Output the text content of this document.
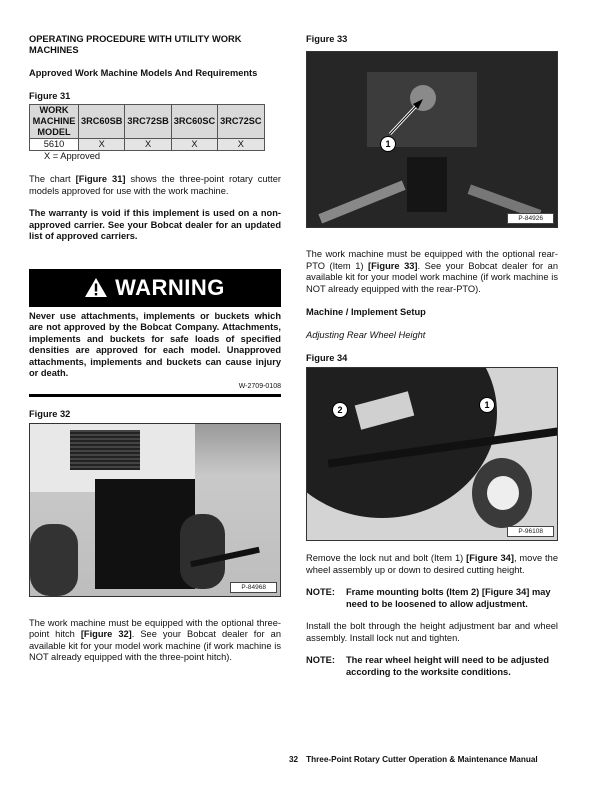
OPERATING PROCEDURE WITH UTILITY WORK MACHINES
Approved Work Machine Models And Requirements
Figure 31
WORK MACHINE MODEL	3RC60SB	3RC72SB	3RC60SC	3RC72SC
5610	X	X	X	X
X = Approved

The chart [Figure 31] shows the three-point rotary cutter models approved for use with the work machine.

The warranty is void if this implement is used on a non-approved carrier. See your Bobcat dealer for an updated list of approved carriers.

WARNING

Never use attachments, implements or buckets which are not approved by the Bobcat Company. Attachments, implements and buckets for safe loads of specified densities are approved for each model. Unapproved attachments, implements and buckets can cause injury or death.

W-2709-0108
Figure 32
P-84968

The work machine must be equipped with the optional three-point hitch [Figure 32]. See your Bobcat dealer for an available kit for your model work machine (if work machine is NOT already equipped with the three-point hitch).

Figure 33
1
P-84926

The work machine must be equipped with the optional rear-PTO (Item 1) [Figure 33]. See your Bobcat dealer for an available kit for your model work machine (if work machine is NOT already equipped with the rear-PTO).

Machine / Implement Setup
Adjusting Rear Wheel Height
Figure 34
2	1
P-96108

Remove the lock nut and bolt (Item 1) [Figure 34], move the wheel assembly up or down to desired cutting height.

NOTE:	Frame mounting bolts (Item 2) [Figure 34] may need to be loosened to allow adjustment.

Install the bolt through the height adjustment bar and wheel assembly. Install lock nut and tighten.

NOTE:	The rear wheel height will need to be adjusted according to the worksite conditions.
32 Three-Point Rotary Cutter Operation & Maintenance Manual
